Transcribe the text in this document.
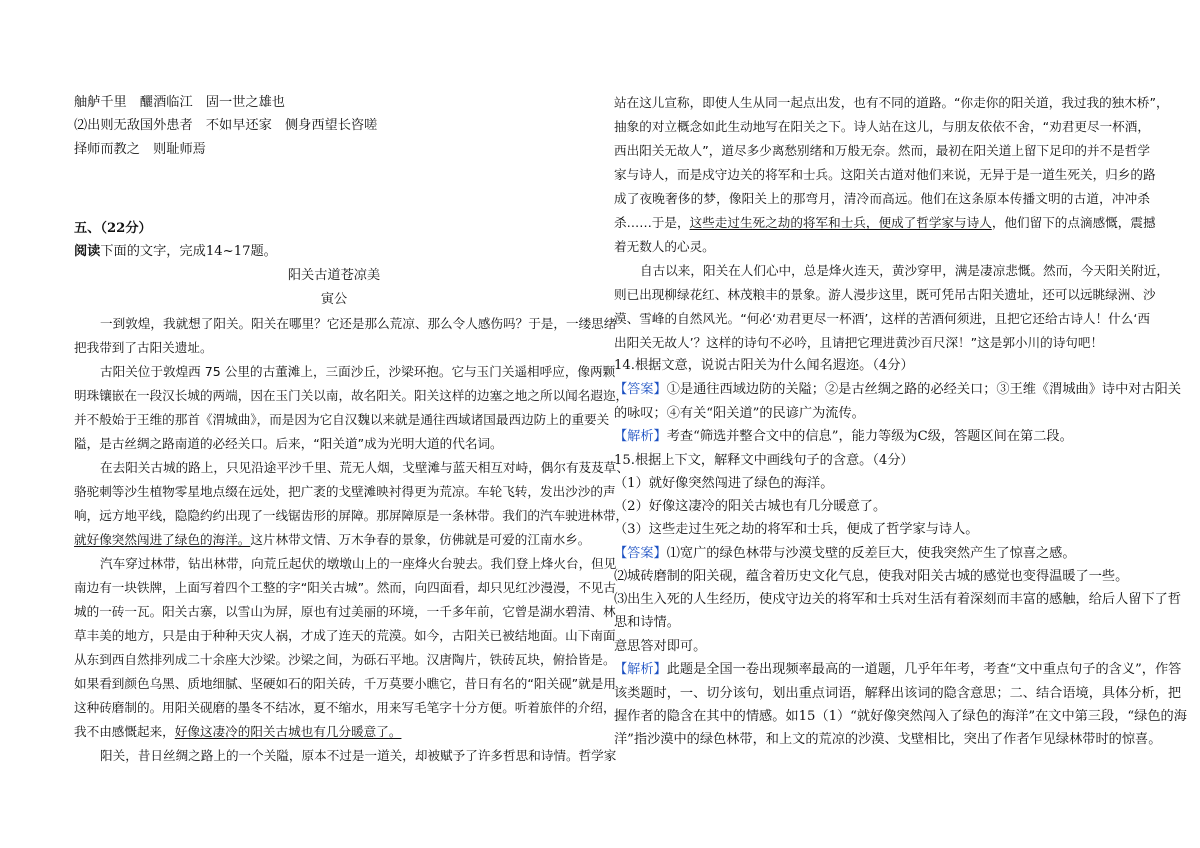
舳舻千里　釃酒临江　固一世之雄也
⑵出则无敌国外患者　不如早还家　侧身西望长咨嗟
择师而教之　则耻师焉
五、（22分）
阅读下面的文字，完成14~17题。
阳关古道苍凉美
寅公
一到敦煌，我就想了阳关。阳关在哪里？它还是那么荒凉、那么令人感伤吗？于是，一缕思绪
把我带到了古阳关遗址。
古阳关位于敦煌西 75 公里的古董滩上，三面沙丘，沙梁环抱。它与玉门关遥相呼应，像两颗
明珠镶嵌在一段汉长城的两端，因在玉门关以南，故名阳关。阳关这样的边塞之地之所以闻名遐迩，
并不般始于王维的那首《渭城曲》，而是因为它自汉魏以来就是通往西域诸国最西边防上的重要关
隘，是古丝绸之路南道的必经关口。后来，“阳关道”成为光明大道的代名词。
在去阳关古城的路上，只见沿途平沙千里、荒无人烟，戈壁滩与蓝天相互对峙，偶尔有芨芨草、
骆驼刺等沙生植物零星地点缀在远处，把广袤的戈壁滩映衬得更为荒凉。车轮飞转，发出沙沙的声
响，远方地平线，隐隐约约出现了一线锯齿形的屏障。那屏障原是一条林带。我们的汽车驶进林带，
就好像突然闯进了绿色的海洋。这片林带文情、万木争春的景象，仿佛就是可爱的江南水乡。
汽车穿过林带，钻出林带，向荒丘起伏的墩墩山上的一座烽火台驶去。我们登上烽火台，但见
南边有一块铁牌，上面写着四个工整的字“阳关古城”。然而，向四面看，却只见红沙漫漫，不见古
城的一砖一瓦。阳关古寨，以雪山为屏，原也有过美丽的环境，一千多年前，它曾是湖水碧清、林
草丰美的地方，只是由于种种天灾人祸，才成了连天的荒漠。如今，古阳关已被结地面。山下南面
从东到西自然排列成二十余座大沙梁。沙梁之间，为砾石平地。汉唐陶片，铁砖瓦块，俯拾皆是。
如果看到颜色乌黑、质地细腻、坚硬如石的阳关砖，千万莫要小瞧它，昔日有名的“阳关砚”就是用
这种砖磨制的。用阳关砚磨的墨冬不结冰，夏不缩水，用来写毛笔字十分方便。听着旅伴的介绍，
我不由感慨起来，好像这凄冷的阳关古城也有几分暖意了。
阳关，昔日丝绸之路上的一个关隘，原本不过是一道关，却被赋予了许多哲思和诗情。哲学家
站在这儿宣称，即使人生从同一起点出发，也有不同的道路。“你走你的阳关道，我过我的独木桥”，
抽象的对立概念如此生动地写在阳关之下。诗人站在这儿，与朋友依依不舍，“劝君更尽一杯酒，
西出阳关无故人”，道尽多少离愁别绪和万般无奈。然而，最初在阳关道上留下足印的并不是哲学
家与诗人，而是戍守边关的将军和士兵。这阳关古道对他们来说，无异于是一道生死关，归乡的路
成了夜晚奢侈的梦，像阳关上的那弯月，清冷而高远。他们在这条原本传播文明的古道，冲冲杀
杀……于是，这些走过生死之劫的将军和士兵，便成了哲学家与诗人，他们留下的点滴感慨，震撼
着无数人的心灵。
自古以来，阳关在人们心中，总是烽火连天，黄沙穿甲，满是凄凉悲慨。然而，今天阳关附近，
则已出现柳绿花红、林茂粮丰的景象。游人漫步这里，既可凭吊古阳关遗址，还可以远眺绿洲、沙
漠、雪峰的自然风光。“何必‘劝君更尽一杯酒’，这样的苦酒何须进，且把它还给古诗人！什么‘西
出阳关无故人’？这样的诗句不必吟，且请把它理进黄沙百尺深！”这是郭小川的诗句吧！
14.根据文意，说说古阳关为什么闻名遐迩。（4分）
【答案】①是通往西域边防的关隘；②是古丝绸之路的必经关口；③王维《渭城曲》诗中对古阳关
的咏叹；④有关“阳关道”的民谚广为流传。
【解析】考查“筛选并整合文中的信息”，能力等级为C级，答题区间在第二段。
15.根据上下文，解释文中画线句子的含意。（4分）
（1）就好像突然闯进了绿色的海洋。
（2）好像这凄冷的阳关古城也有几分暖意了。
（3）这些走过生死之劫的将军和士兵，便成了哲学家与诗人。
【答案】⑴宽广的绿色林带与沙漠戈壁的反差巨大，使我突然产生了惊喜之感。
⑵城砖磨制的阳关砚，蕴含着历史文化气息，使我对阳关古城的感觉也变得温暖了一些。
⑶出生入死的人生经历，使戍守边关的将军和士兵对生活有着深刻而丰富的感触，给后人留下了哲
思和诗情。
意思答对即可。
【解析】此题是全国一卷出现频率最高的一道题，几乎年年考，考查“文中重点句子的含义”，作答
该类题时，一、切分该句，划出重点词语，解释出该词的隐含意思；二、结合语境，具体分析，把
握作者的隐含在其中的情感。如15（1）“就好像突然闯入了绿色的海洋”在文中第三段，“绿色的海
洋”指沙漠中的绿色林带，和上文的荒凉的沙漠、戈壁相比，突出了作者乍见绿林带时的惊喜。
